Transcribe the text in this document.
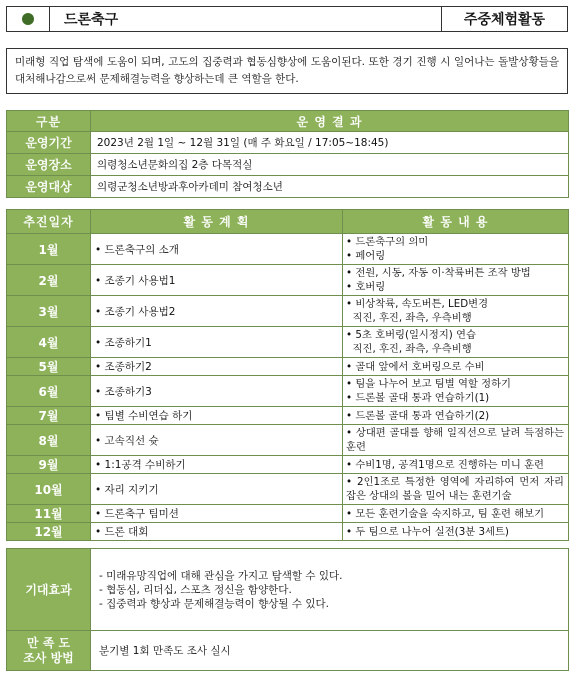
드론축구	주중체험활동
미래형 직업 탐색에 도움이 되며, 고도의 집중력과 협동심향상에 도움이된다. 또한 경기 진행 시 일어나는 돌발상황들을 대처해나감으로써 문제해결능력을 향상하는데 큰 역할을 한다.
구분	운 영 결 과
운영기간	2023년 2월 1일 ~ 12월 31일 (매 주 화요일 / 17:05~18:45)
운영장소	의령청소년문화의집 2층 다목적실
운영대상	의령군청소년방과후아카데미 참여청소년
추진일자	활 동 계 획	활 동 내 용
1월	• 드론축구의 소개	• 드론축구의 의미
• 페어링

2월	• 조종기 사용법1	• 전원, 시동, 자동 이·착륙버튼 조작 방법
• 호버링

3월	• 조종기 사용법2	• 비상착륙, 속도버튼, LED변경
직진, 후진, 좌측, 우측비행

4월	• 조종하기1	• 5초 호버링(일시정지) 연습
직진, 후진, 좌측, 우측비행

5월	• 조종하기2	• 골대 앞에서 호버링으로 수비

6월	• 조종하기3	• 팀을 나누어 보고 팀별 역할 정하기
• 드론볼 골대 통과 연습하기(1)

7월	• 팀별 수비연습 하기	• 드론볼 골대 통과 연습하기(2)

8월	• 고속직선 슛	• 상대편 골대를 향해 일직선으로 날려 득점하는 훈련

9월	• 1:1공격 수비하기	• 수비1명, 공격1명으로 진행하는 미니 훈련

10월	• 자리 지키기	• 2인1조로 특정한 영역에 자리하여 먼저 자리 잡은 상대의 볼을 밀어 내는 훈련기술

11월	• 드론축구 팀미션	• 모든 훈련기술을 숙지하고, 팀 훈련 해보기

12월	• 드론 대회	• 두 팀으로 나누어 실전(3분 3세트)
기대효과	- 미래유망직업에 대해 관심을 가지고 탐색할 수 있다.
- 협동심, 리더십, 스포츠 정신을 함양한다.
- 집중력과 향상과 문제해결능력이 향상될 수 있다.

만 족 도
조사 방법	분기별 1회 만족도 조사 실시
